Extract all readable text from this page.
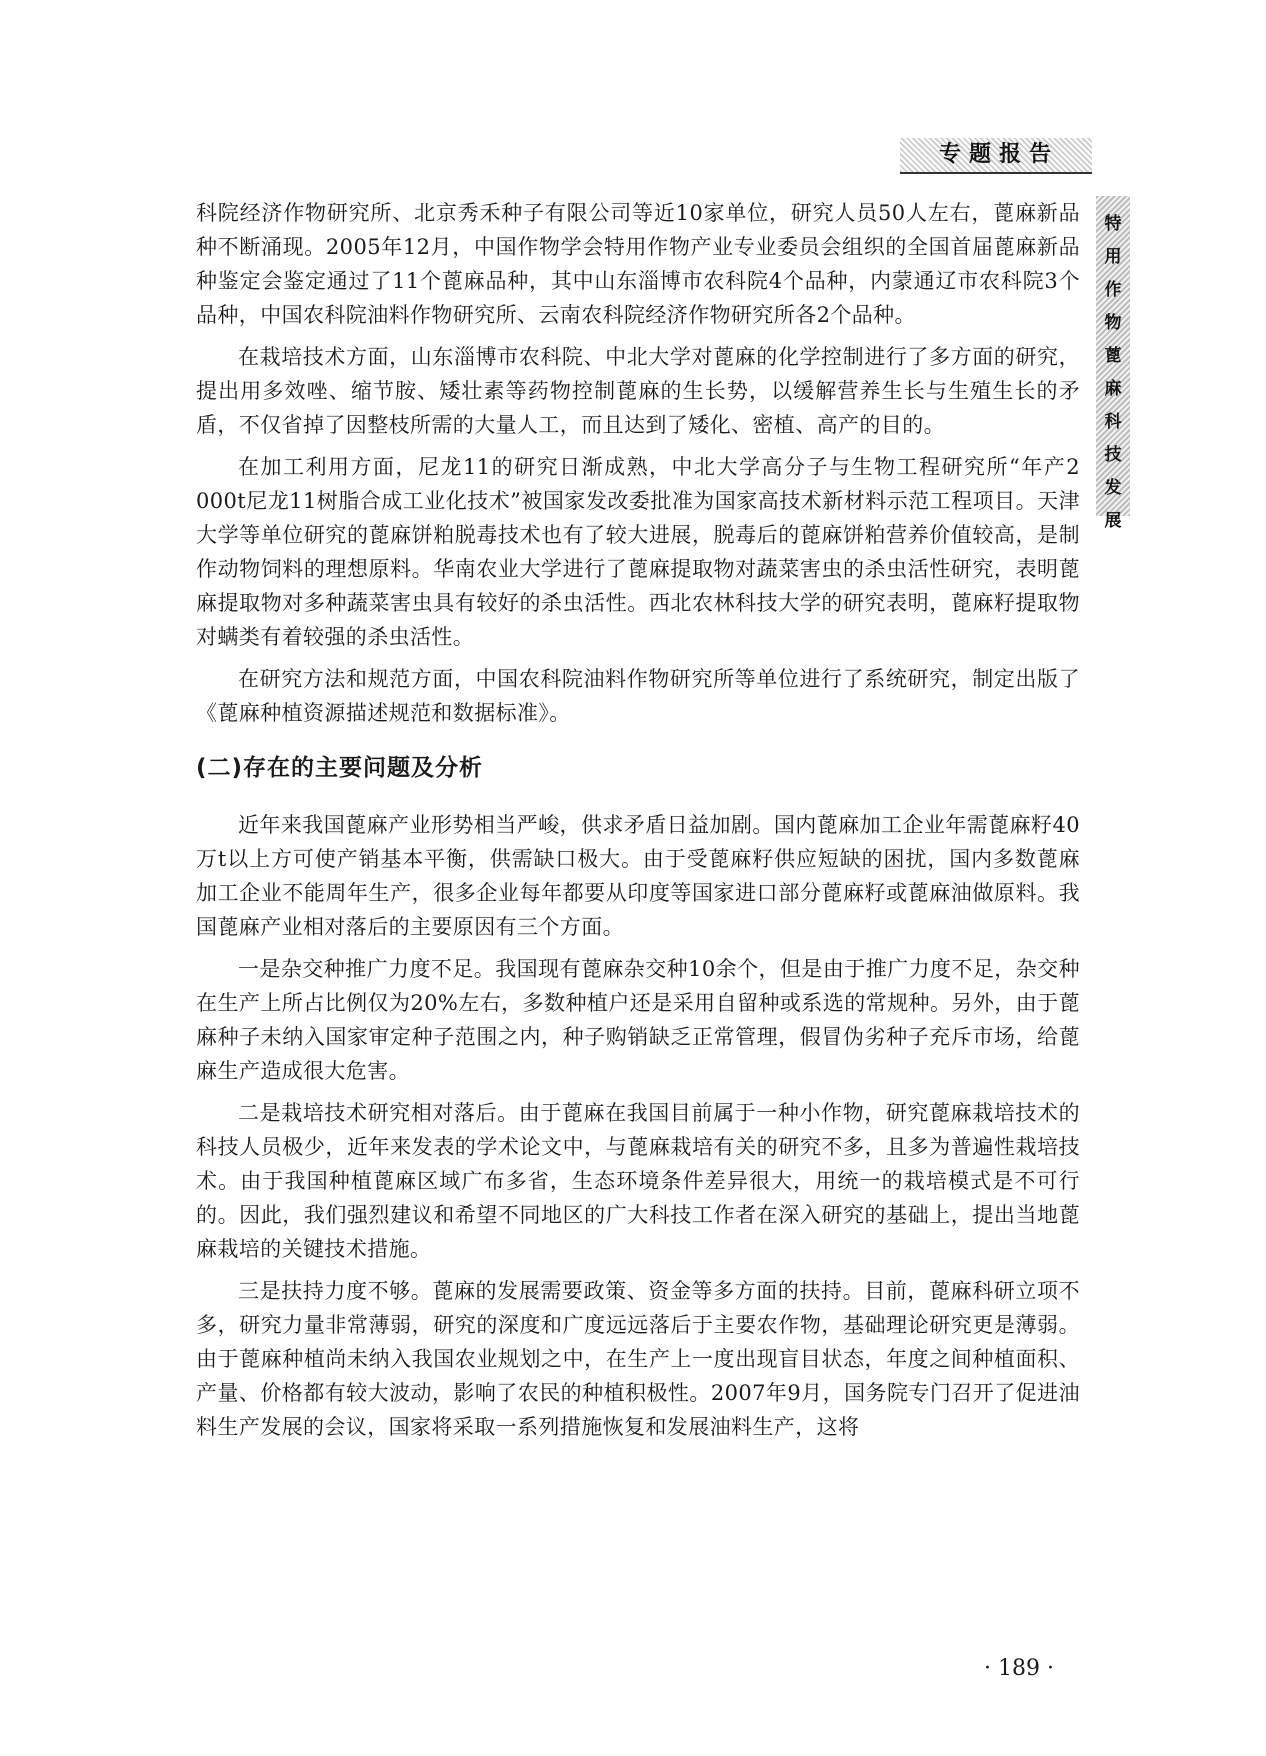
专题报告
特用作物蓖麻科技发展

科院经济作物研究所、北京秀禾种子有限公司等近10家单位，研究人员50人左右，蓖麻新品种不断涌现。2005年12月，中国作物学会特用作物产业专业委员会组织的全国首届蓖麻新品种鉴定会鉴定通过了11个蓖麻品种，其中山东淄博市农科院4个品种，内蒙通辽市农科院3个品种，中国农科院油料作物研究所、云南农科院经济作物研究所各2个品种。

在栽培技术方面，山东淄博市农科院、中北大学对蓖麻的化学控制进行了多方面的研究，提出用多效唑、缩节胺、矮壮素等药物控制蓖麻的生长势，以缓解营养生长与生殖生长的矛盾，不仅省掉了因整枝所需的大量人工，而且达到了矮化、密植、高产的目的。

在加工利用方面，尼龙11的研究日渐成熟，中北大学高分子与生物工程研究所“年产2 000t尼龙11树脂合成工业化技术”被国家发改委批准为国家高技术新材料示范工程项目。天津大学等单位研究的蓖麻饼粕脱毒技术也有了较大进展，脱毒后的蓖麻饼粕营养价值较高，是制作动物饲料的理想原料。华南农业大学进行了蓖麻提取物对蔬菜害虫的杀虫活性研究，表明蓖麻提取物对多种蔬菜害虫具有较好的杀虫活性。西北农林科技大学的研究表明，蓖麻籽提取物对螨类有着较强的杀虫活性。

在研究方法和规范方面，中国农科院油料作物研究所等单位进行了系统研究，制定出版了《蓖麻种植资源描述规范和数据标准》。

(二)存在的主要问题及分析

近年来我国蓖麻产业形势相当严峻，供求矛盾日益加剧。国内蓖麻加工企业年需蓖麻籽40万t以上方可使产销基本平衡，供需缺口极大。由于受蓖麻籽供应短缺的困扰，国内多数蓖麻加工企业不能周年生产，很多企业每年都要从印度等国家进口部分蓖麻籽或蓖麻油做原料。我国蓖麻产业相对落后的主要原因有三个方面。

一是杂交种推广力度不足。我国现有蓖麻杂交种10余个，但是由于推广力度不足，杂交种在生产上所占比例仅为20%左右，多数种植户还是采用自留种或系选的常规种。另外，由于蓖麻种子未纳入国家审定种子范围之内，种子购销缺乏正常管理，假冒伪劣种子充斥市场，给蓖麻生产造成很大危害。

二是栽培技术研究相对落后。由于蓖麻在我国目前属于一种小作物，研究蓖麻栽培技术的科技人员极少，近年来发表的学术论文中，与蓖麻栽培有关的研究不多，且多为普遍性栽培技术。由于我国种植蓖麻区域广布多省，生态环境条件差异很大，用统一的栽培模式是不可行的。因此，我们强烈建议和希望不同地区的广大科技工作者在深入研究的基础上，提出当地蓖麻栽培的关键技术措施。

三是扶持力度不够。蓖麻的发展需要政策、资金等多方面的扶持。目前，蓖麻科研立项不多，研究力量非常薄弱，研究的深度和广度远远落后于主要农作物，基础理论研究更是薄弱。由于蓖麻种植尚未纳入我国农业规划之中，在生产上一度出现盲目状态，年度之间种植面积、产量、价格都有较大波动，影响了农民的种植积极性。2007年9月，国务院专门召开了促进油料生产发展的会议，国家将采取一系列措施恢复和发展油料生产，这将

· 189 ·
